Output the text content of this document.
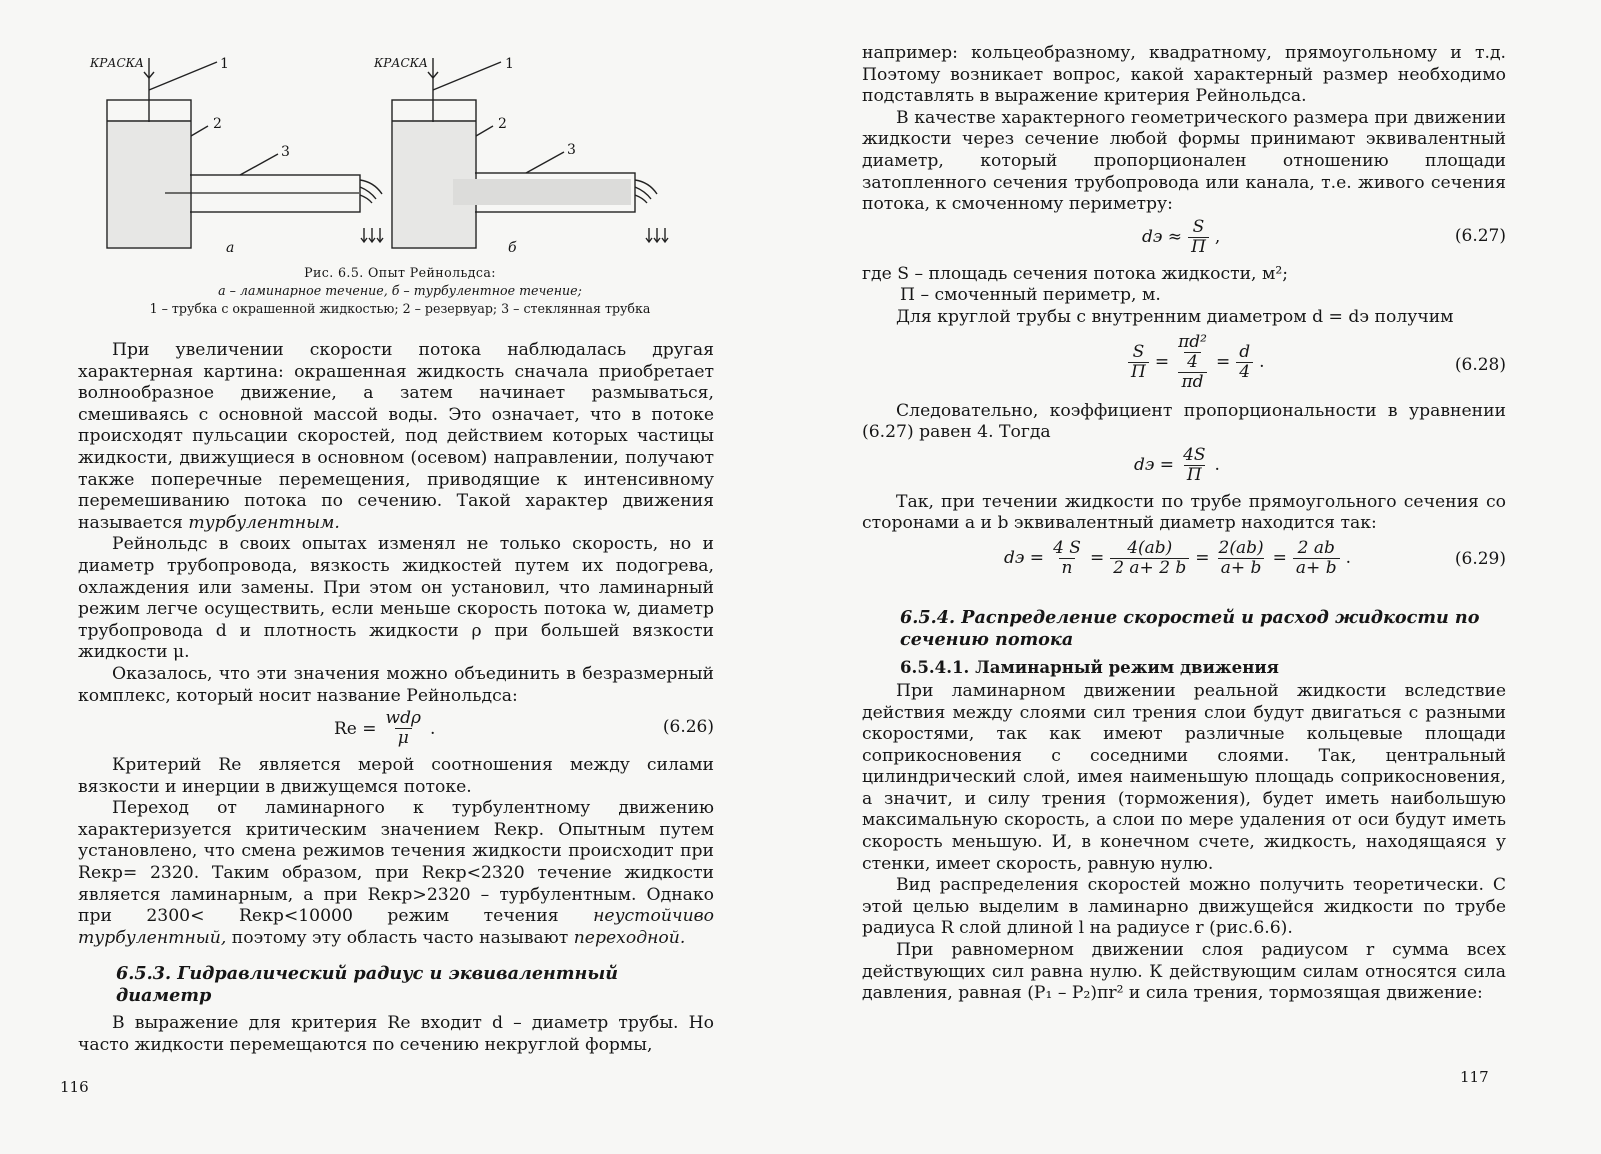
КРАСКА	КРАСКА
1
2
3
1
2
3
а	б
Рис. 6.5. Опыт Рейнольдса:
а – ламинарное течение, б – турбулентное течение;
1 – трубка с окрашенной жидкостью; 2 – резервуар; 3 – стеклянная трубка

При увеличении скорости потока наблюдалась другая характерная картина: окрашенная жидкость сначала приобретает волнообразное движение, а затем начинает размываться, смешиваясь с основной массой воды. Это означает, что в потоке происходят пульсации скоростей, под действием которых частицы жидкости, движущиеся в основном (осевом) направлении, получают также поперечные перемещения, приводящие к интенсивному перемешиванию потока по сечению. Такой характер движения называется турбулентным.

Рейнольдс в своих опытах изменял не только скорость, но и диаметр трубопровода, вязкость жидкостей путем их подогрева, охлаждения или замены. При этом он установил, что ламинарный режим легче осуществить, если меньше скорость потока w, диаметр трубопровода d и плотность жидкости ρ при большей вязкости жидкости μ.

Оказалось, что эти значения можно объединить в безразмерный комплекс, который носит название Рейнольдса:

$Re = \frac{\text{wdρ}}{\mu}$ .	(6.26)

Критерий Re является мерой соотношения между силами вязкости и инерции в движущемся потоке.

Переход от ламинарного к турбулентному движению характеризуется критическим значением Reкр. Опытным путем установлено, что смена режимов течения жидкости происходит при Reкр= 2320. Таким образом, при Reкр<2320 течение жидкости является ламинарным, а при Reкр>2320 – турбулентным. Однако при 2300< Reкр<10000 режим течения неустойчиво турбулентный, поэтому эту область часто называют переходной.

6.5.3. Гидравлический радиус и эквивалентный диаметр

В выражение для критерия Re входит d – диаметр трубы. Но часто жидкости перемещаются по сечению некруглой формы,

116

например: кольцеобразному, квадратному, прямоугольному и т.д. Поэтому возникает вопрос, какой характерный размер необходимо подставлять в выражение критерия Рейнольдса.

В качестве характерного геометрического размера при движении жидкости через сечение любой формы принимают эквивалентный диаметр, который пропорционален отношению площади затопленного сечения трубопровода или канала, т.е. живого сечения потока, к смоченному периметру:

dэ ≈ $\frac{S}{П}$ ,	(6.27)

где S – площадь сечения потока жидкости, м²;

П – смоченный периметр, м.

Для круглой трубы с внутренним диаметром d = dэ получим

$\frac{S}{П} = \pi d^2$
4
$\pi d = \frac{d}{4}$ .	(6.28)

Следовательно, коэффициент пропорциональности в уравнении (6.27) равен 4. Тогда

dэ = $\frac{4S}{П}$ .

Так, при течении жидкости по трубе прямоугольного сечения со сторонами a и b эквивалентный диаметр находится так:

dэ = $\frac{4 S}{п} = \frac{4(ab)}{2 a+ 2 b} = \frac{2(ab)}{a+ b} = \frac{2 ab}{a+ b}$ .	(6.29)
6.5.4. Распределение скоростей и расход жидкости по сечению потока
6.5.4.1. Ламинарный режим движения

При ламинарном движении реальной жидкости вследствие действия между слоями сил трения слои будут двигаться с разными скоростями, так как имеют различные кольцевые площади соприкосновения с соседними слоями. Так, центральный цилиндрический слой, имея наименьшую площадь соприкосновения, а значит, и силу трения (торможения), будет иметь наибольшую максимальную скорость, а слои по мере удаления от оси будут иметь скорость меньшую. И, в конечном счете, жидкость, находящаяся у стенки, имеет скорость, равную нулю.

Вид распределения скоростей можно получить теоретически. С этой целью выделим в ламинарно движущейся жидкости по трубе радиуса R слой длиной l на радиусе r (рис.6.6).

При равномерном движении слоя радиусом r сумма всех действующих сил равна нулю. К действующим силам относятся сила давления, равная (P₁ – P₂)πr² и сила трения, тормозящая движение:

117
